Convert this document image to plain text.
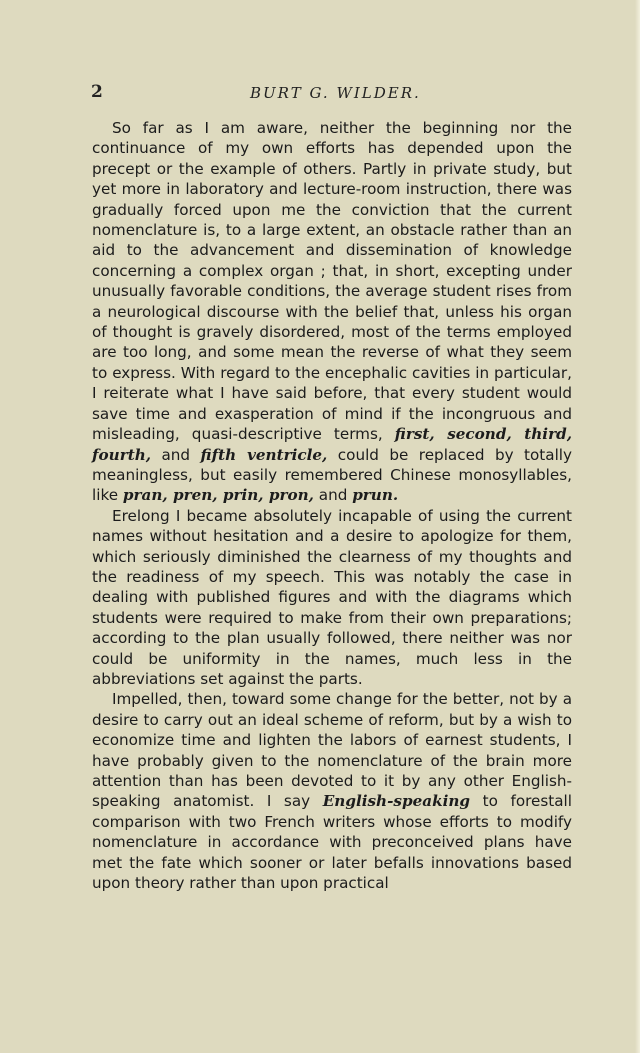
2	BURT G. WILDER.

So far as I am aware, neither the beginning nor the continuance of my own efforts has depended upon the precept or the example of others. Partly in private study, but yet more in laboratory and lecture-room instruction, there was gradually forced upon me the conviction that the current nomenclature is, to a large extent, an obstacle rather than an aid to the advancement and dissemination of knowledge concerning a complex organ ; that, in short, excepting under unusually favorable conditions, the average student rises from a neurological discourse with the belief that, unless his organ of thought is gravely disordered, most of the terms employed are too long, and some mean the reverse of what they seem to express. With regard to the encephalic cavities in particular, I reiterate what I have said before, that every student would save time and exasperation of mind if the incongruous and misleading, quasi-descriptive terms, first, second, third, fourth, and fifth ventricle, could be replaced by totally meaningless, but easily remembered Chinese monosyllables, like pran, pren, prin, pron, and prun.

Erelong I became absolutely incapable of using the current names without hesitation and a desire to apologize for them, which seriously diminished the clearness of my thoughts and the readiness of my speech. This was notably the case in dealing with published figures and with the diagrams which students were required to make from their own preparations; according to the plan usually followed, there neither was nor could be uniformity in the names, much less in the abbreviations set against the parts.

Impelled, then, toward some change for the better, not by a desire to carry out an ideal scheme of reform, but by a wish to economize time and lighten the labors of earnest students, I have probably given to the nomenclature of the brain more attention than has been devoted to it by any other English-speaking anatomist. I say English-speaking to forestall comparison with two French writers whose efforts to modify nomenclature in accordance with preconceived plans have met the fate which sooner or later befalls innovations based upon theory rather than upon practical
